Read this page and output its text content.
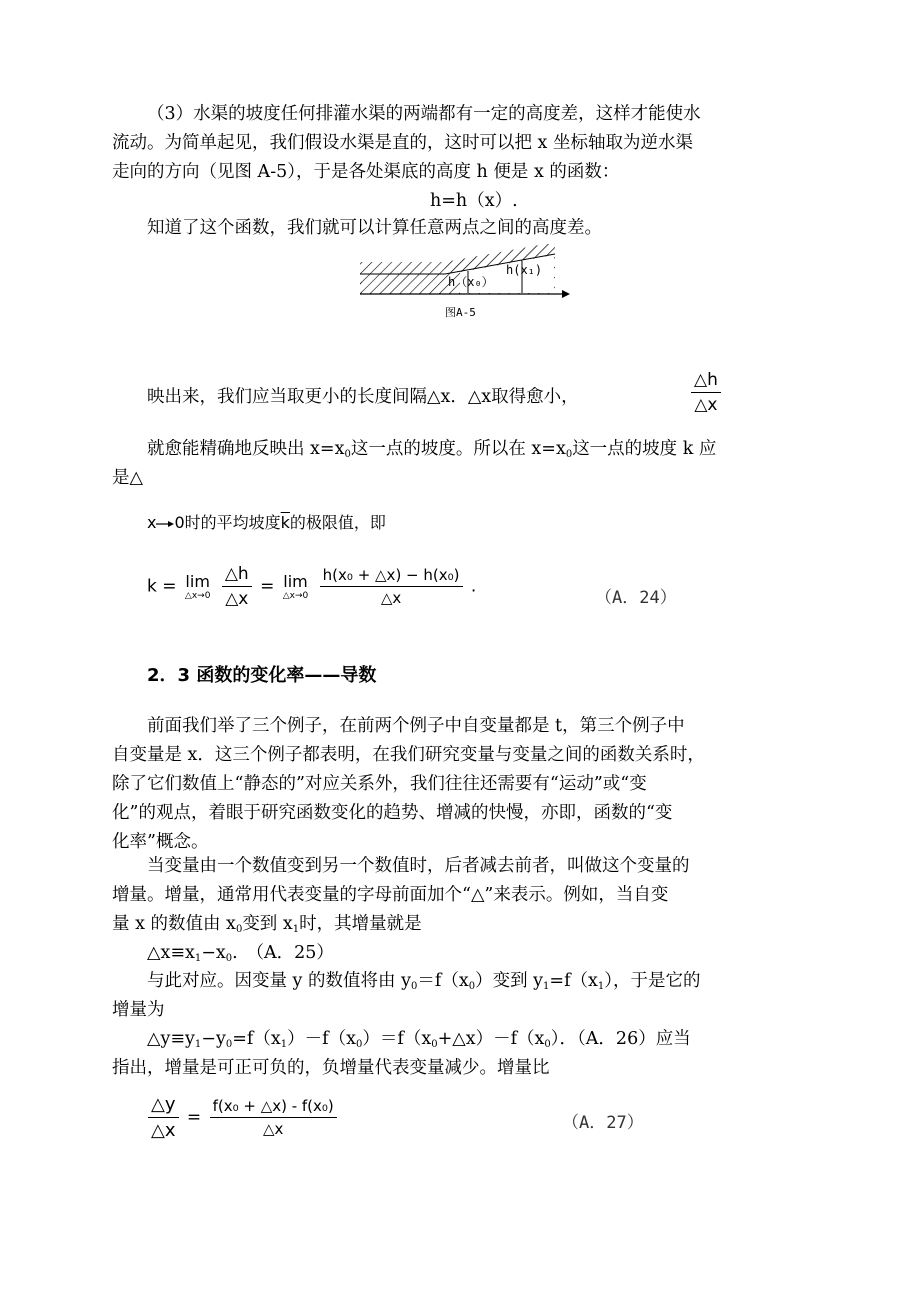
（3）水渠的坡度任何排灌水渠的两端都有一定的高度差，这样才能使水
流动。为简单起见，我们假设水渠是直的，这时可以把 x 坐标轴取为逆水渠
走向的方向（见图 A-5），于是各处渠底的高度 h 便是 x 的函数：
h=h（x）.
知道了这个函数，我们就可以计算任意两点之间的高度差。
h（x₀）
h(x₁)
图A-5
映出来，我们应当取更小的长度间隔△x．△x取得愈小，	$\frac{\triangle h}{\triangle x}$
就愈能精确地反映出 $x=x_0$这一点的坡度。所以在 $x=x_0$这一点的坡度 k 应
是△
x 0时的平均坡度$\overline{k}$的极限值，即
k = lim
△x→0
$\frac{\triangle h}{\triangle x} = \lim$
△x→0
$\frac{\text{h(x₀ + △x) − h(x₀)}}{\triangle x}$ .
（A．24）
2．3 函数的变化率——导数
前面我们举了三个例子，在前两个例子中自变量都是 t，第三个例子中
自变量是 x．这三个例子都表明，在我们研究变量与变量之间的函数关系时，
除了它们数值上“静态的”对应关系外，我们往往还需要有“运动”或“变
化”的观点，着眼于研究函数变化的趋势、增减的快慢，亦即，函数的“变
化率”概念。
当变量由一个数值变到另一个数值时，后者减去前者，叫做这个变量的
增量。增量，通常用代表变量的字母前面加个“△”来表示。例如，当自变
量 x 的数值由 $x_0$变到 $x_1$时，其增量就是
$\triangle x\equiv x_1-x_0$.　（A．25）
与此对应。因变量 y 的数值将由 $y_0=f(x_0)$变到 $y_1=f(x_1)$，于是它的
增量为
$\triangle y\equiv y_1-y_0=f(x_1)-f(x_0)=f(x_0+\triangle x)-f(x_0)$．（A．26）应当
指出，增量是可正可负的，负增量代表变量减少。增量比
$\frac{\triangle y}{\triangle x} = \frac{\text{f(x₀ + △x) - f(x₀)}}{\triangle x}$	（A．27）
